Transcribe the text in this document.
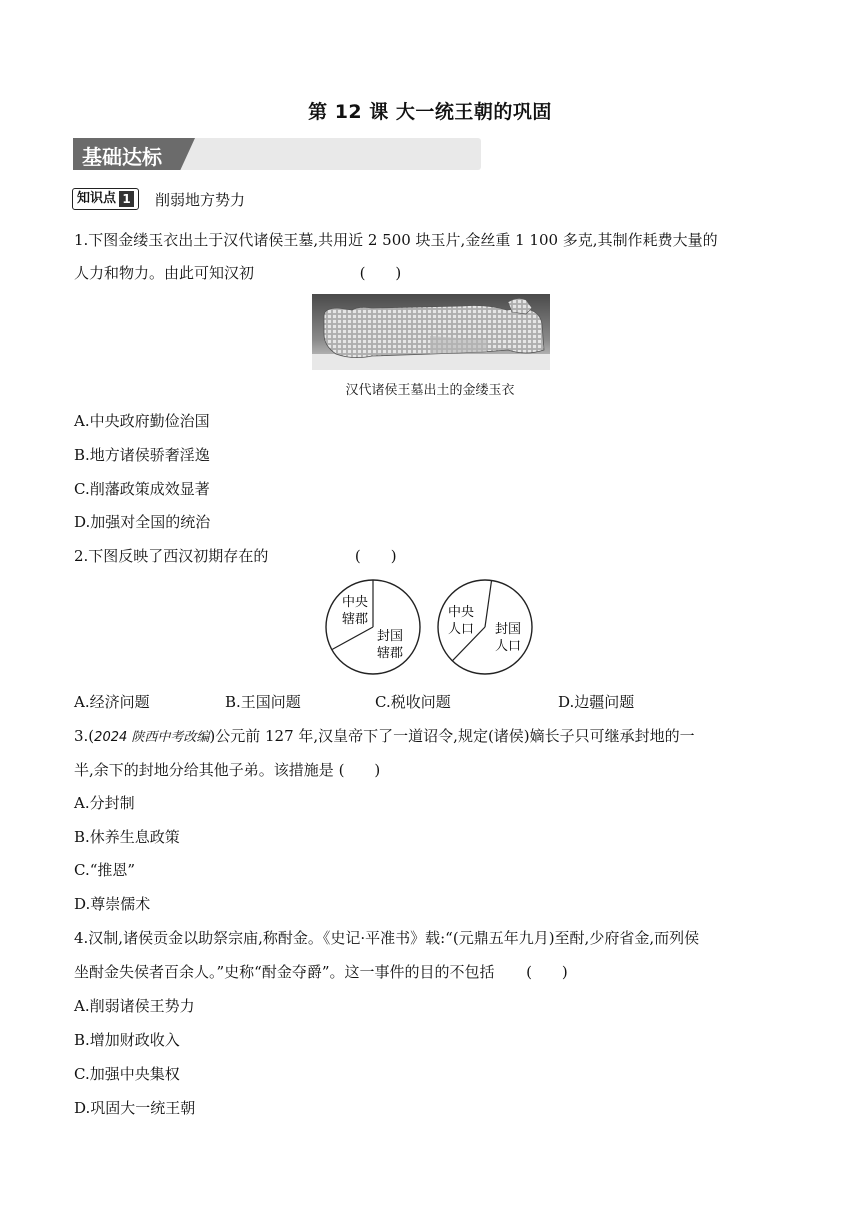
第 12 课 大一统王朝的巩固
基础达标
知识点 1 削弱地方势力
1.下图金缕玉衣出土于汉代诸侯王墓,共用近 2 500 块玉片,金丝重 1 100 多克,其制作耗费大量的
人力和物力。由此可知汉初	(　　)
汉代诸侯王墓出土的金缕玉衣
A.中央政府勤俭治国
B.地方诸侯骄奢淫逸
C.削藩政策成效显著
D.加强对全国的统治
2.下图反映了西汉初期存在的	(　　)
中央
辖郡
封国
辖郡
中央
人口 封国
人口
A.经济问题	B.王国问题	C.税收问题	D.边疆问题
3.(2024 陕西中考改编)公元前 127 年,汉皇帝下了一道诏令,规定(诸侯)嫡长子只可继承封地的一
半,余下的封地分给其他子弟。该措施是 (　　)
A.分封制
B.休养生息政策
C.“推恩”
D.尊崇儒术
4.汉制,诸侯贡金以助祭宗庙,称酎金。《史记·平准书》载:“(元鼎五年九月)至酎,少府省金,而列侯
坐酎金失侯者百余人。”史称“酎金夺爵”。这一事件的目的不包括 (　　)
A.削弱诸侯王势力
B.增加财政收入
C.加强中央集权
D.巩固大一统王朝
